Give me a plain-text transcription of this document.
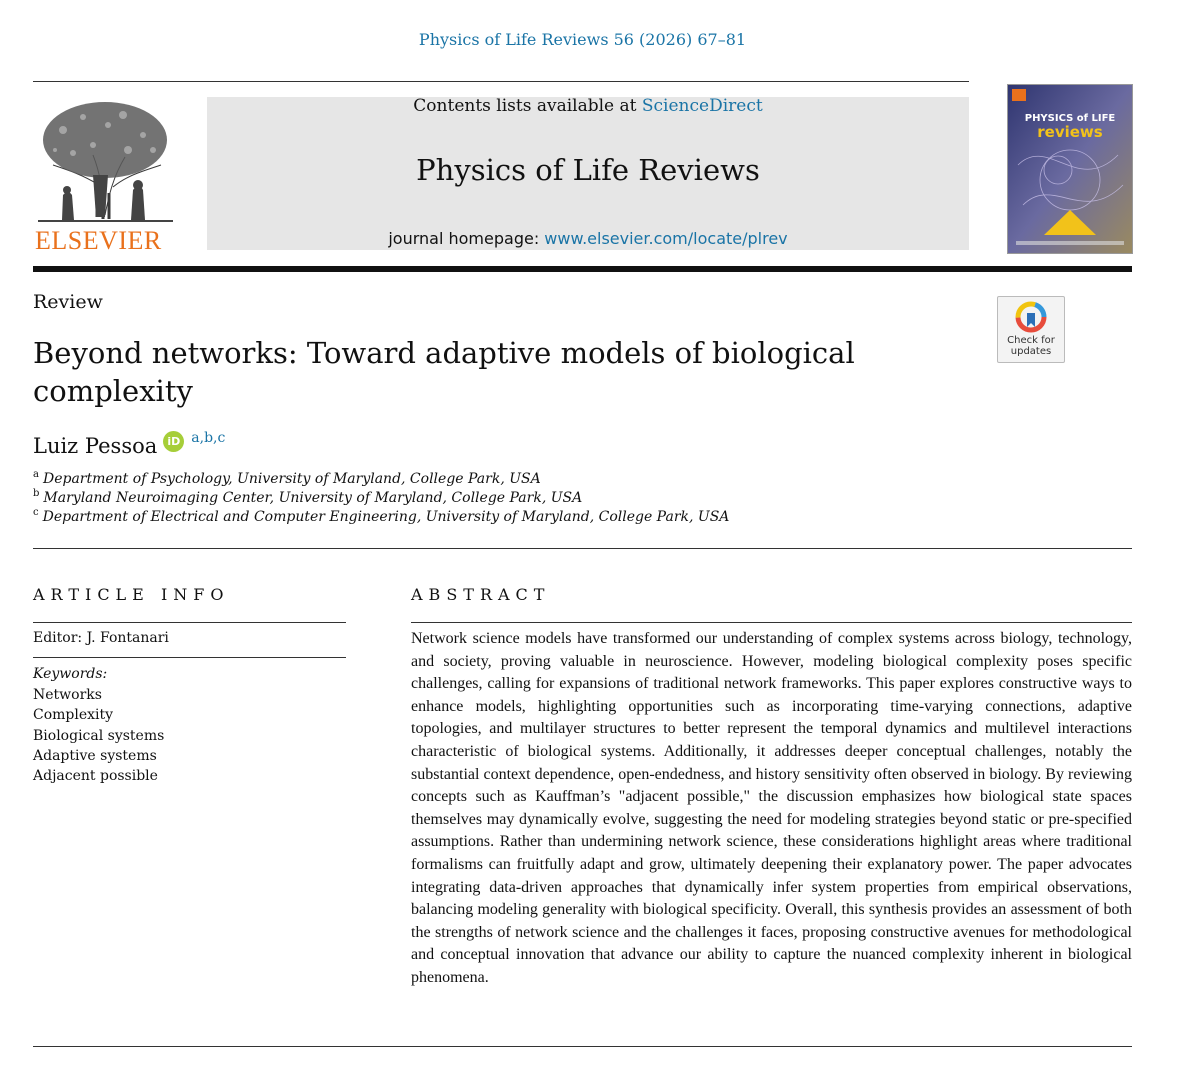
Physics of Life Reviews 56 (2026) 67–81
ELSEVIER
Contents lists available at ScienceDirect
Physics of Life Reviews
journal homepage: www.elsevier.com/locate/plrev
PHYSICS of LIFE
reviews
Review
Beyond networks: Toward adaptive models of biological complexity
Check for updates
Luiz Pessoa iD a,b,c
$^a$ Department of Psychology, University of Maryland, College Park, USA
$^b$ Maryland Neuroimaging Center, University of Maryland, College Park, USA
$^c$ Department of Electrical and Computer Engineering, University of Maryland, College Park, USA
ARTICLE INFO	ABSTRACT
Editor: J. Fontanari
Keywords:
Networks
Complexity
Biological systems
Adaptive systems
Adjacent possible

Network science models have transformed our understanding of complex systems across biology, technology, and society, proving valuable in neuroscience. However, modeling biological complexity poses specific challenges, calling for expansions of traditional network frameworks. This paper explores constructive ways to enhance models, highlighting opportunities such as incorporating time-varying connections, adaptive topologies, and multilayer structures to better represent the temporal dynamics and multilevel interactions characteristic of biological systems. Additionally, it addresses deeper conceptual challenges, notably the substantial context dependence, open-endedness, and history sensitivity often observed in biology. By reviewing concepts such as Kauffman’s "adjacent possible," the discussion emphasizes how biological state spaces themselves may dynamically evolve, suggesting the need for modeling strategies beyond static or pre-specified assumptions. Rather than undermining network science, these considerations highlight areas where traditional formalisms can fruitfully adapt and grow, ultimately deepening their explanatory power. The paper advocates integrating data-driven approaches that dynamically infer system properties from empirical observations, balancing modeling generality with biological specificity. Overall, this synthesis provides an assessment of both the strengths of network science and the challenges it faces, proposing constructive avenues for methodological and conceptual innovation that advance our ability to capture the nuanced complexity inherent in biological phenomena.
